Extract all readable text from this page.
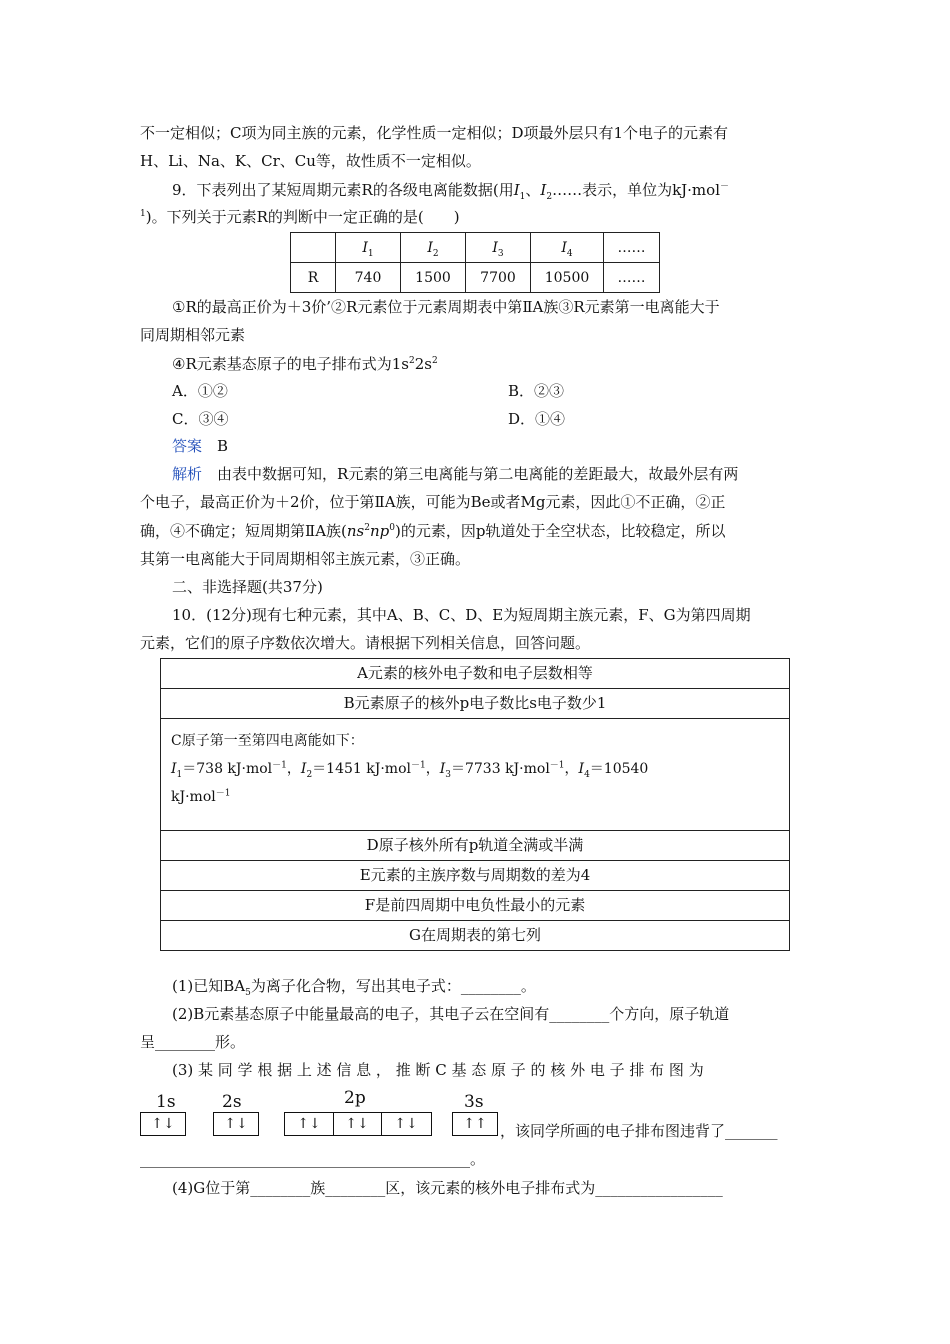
不一定相似；C项为同主族的元素，化学性质一定相似；D项最外层只有1个电子的元素有
H、Li、Na、K、Cr、Cu等，故性质不一定相似。
9．下表列出了某短周期元素R的各级电离能数据(用$I_1$、$I_2\dots\dots$表示，单位为kJ·mol－
$^1$)。下列关于元素R的判断中一定正确的是(　　)
	$I_1$	$I_2$	$I_3$	$I_4$	……
R	740	1500	7700	10500	……
①R的最高正价为＋3价’②R元素位于元素周期表中第ⅡA族③R元素第一电离能大于
同周期相邻元素
④R元素基态原子的电子排布式为$1s^22s^2$
A．①②	B．②③
C．③④	D．①④
答案　 B
解析　 由表中数据可知，R元素的第三电离能与第二电离能的差距最大，故最外层有两
个电子，最高正价为＋2价，位于第ⅡA族，可能为Be或者Mg元素，因此①不正确，②正
确，④不确定；短周期第ⅡA族$(ns^2np^0)$的元素，因p轨道处于全空状态，比较稳定，所以
其第一电离能大于同周期相邻主族元素，③正确。
二、非选择题(共37分)
10．(12分)现有七种元素，其中A、B、C、D、E为短周期主族元素，F、G为第四周期
元素，它们的原子序数依次增大。请根据下列相关信息，回答问题。
A元素的核外电子数和电子层数相等
B元素原子的核外p电子数比s电子数少1
C原子第一至第四电离能如下：
$I_1=738$ kJ·mol$^{-1}$，$I_2=1451$ kJ·mol$^{-1}$，$I_3=7733$ kJ·mol$^{-1}$，$I_4=10540$
kJ·mol$^{-1}$
D原子核外所有p轨道全满或半满
E元素的主族序数与周期数的差为4
F是前四周期中电负性最小的元素
G在周期表的第七列
(1)已知$BA_5$为离子化合物，写出其电子式：________。
(2)B元素基态原子中能量最高的电子，其电子云在空间有________个方向，原子轨道
呈________形。
(3) 某 同 学 根 据 上 述 信 息 ， 推 断 C 基 态 原 子 的 核 外 电 子 排 布 图 为
1s	2s	2p	3s
↑↓	↑↓	↑↓	↑↓	↑↓	↑↑ ，该同学所画的电子排布图违背了_______
____________________________________________。
(4)G位于第________族________区，该元素的核外电子排布式为_________________
